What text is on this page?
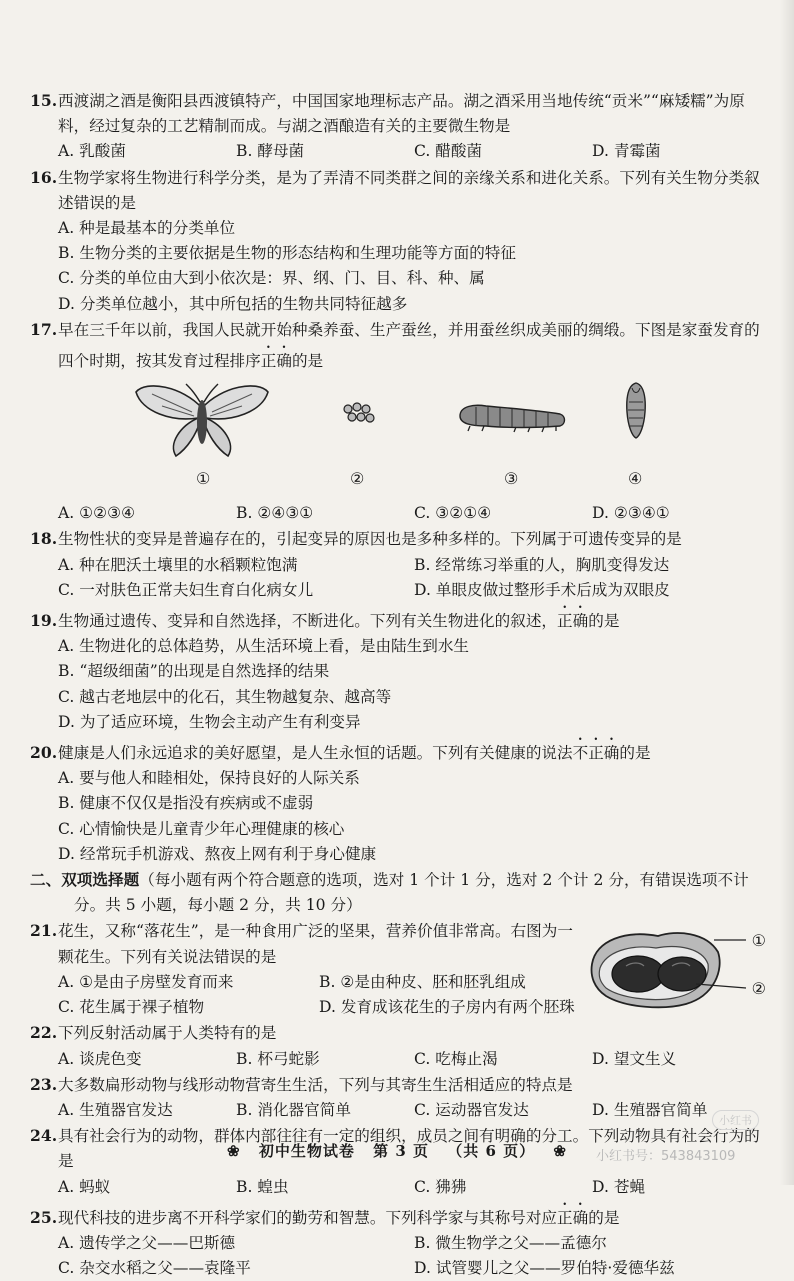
15.西渡湖之酒是衡阳县西渡镇特产，中国国家地理标志产品。湖之酒采用当地传统“贡米”“麻矮糯”为原料，经过复杂的工艺精制而成。与湖之酒酿造有关的主要微生物是
A. 乳酸菌	B. 酵母菌	C. 醋酸菌	D. 青霉菌
16.生物学家将生物进行科学分类，是为了弄清不同类群之间的亲缘关系和进化关系。下列有关生物分类叙述错误的是
A. 种是最基本的分类单位
B. 生物分类的主要依据是生物的形态结构和生理功能等方面的特征
C. 分类的单位由大到小依次是：界、纲、门、目、科、种、属
D. 分类单位越小，其中所包括的生物共同特征越多
17.早在三千年以前，我国人民就开始种桑养蚕、生产蚕丝，并用蚕丝织成美丽的绸缎。下图是家蚕发育的四个时期，按其发育过程排序正确的是
①	②	③	④
A. ①②③④	B. ②④③①	C. ③②①④	D. ②③④①
18.生物性状的变异是普遍存在的，引起变异的原因也是多种多样的。下列属于可遗传变异的是
A. 种在肥沃土壤里的水稻颗粒饱满	B. 经常练习举重的人，胸肌变得发达
C. 一对肤色正常夫妇生育白化病女儿	D. 单眼皮做过整形手术后成为双眼皮
19.生物通过遗传、变异和自然选择，不断进化。下列有关生物进化的叙述，正确的是
A. 生物进化的总体趋势，从生活环境上看，是由陆生到水生
B. “超级细菌”的出现是自然选择的结果
C. 越古老地层中的化石，其生物越复杂、越高等
D. 为了适应环境，生物会主动产生有利变异
20.健康是人们永远追求的美好愿望，是人生永恒的话题。下列有关健康的说法不正确的是
A. 要与他人和睦相处，保持良好的人际关系
B. 健康不仅仅是指没有疾病或不虚弱
C. 心情愉快是儿童青少年心理健康的核心
D. 经常玩手机游戏、熬夜上网有利于身心健康
二、双项选择题（每小题有两个符合题意的选项，选对 1 个计 1 分，选对 2 个计 2 分，有错误选项不计分。共 5 小题，每小题 2 分，共 10 分）
①
②
21.花生，又称“落花生”，是一种食用广泛的坚果，营养价值非常高。右图为一颗花生。下列有关说法错误的是
A. ①是由子房壁发育而来	B. ②是由种皮、胚和胚乳组成
C. 花生属于裸子植物	D. 发育成该花生的子房内有两个胚珠
22.下列反射活动属于人类特有的是
A. 谈虎色变	B. 杯弓蛇影	C. 吃梅止渴	D. 望文生义
23.大多数扁形动物与线形动物营寄生生活，下列与其寄生生活相适应的特点是
A. 生殖器官发达	B. 消化器官简单	C. 运动器官发达	D. 生殖器官简单
24.具有社会行为的动物，群体内部往往有一定的组织，成员之间有明确的分工。下列动物具有社会行为的是
A. 蚂蚁	B. 蝗虫	C. 狒狒	D. 苍蝇
25.现代科技的进步离不开科学家们的勤劳和智慧。下列科学家与其称号对应正确的是
A. 遗传学之父——巴斯德	B. 微生物学之父——孟德尔
C. 杂交水稻之父——袁隆平	D. 试管婴儿之父——罗伯特·爱德华兹
❀ 初中生物试卷 第 3 页 （共 6 页） ❀
小红书
小红书号：543843109
